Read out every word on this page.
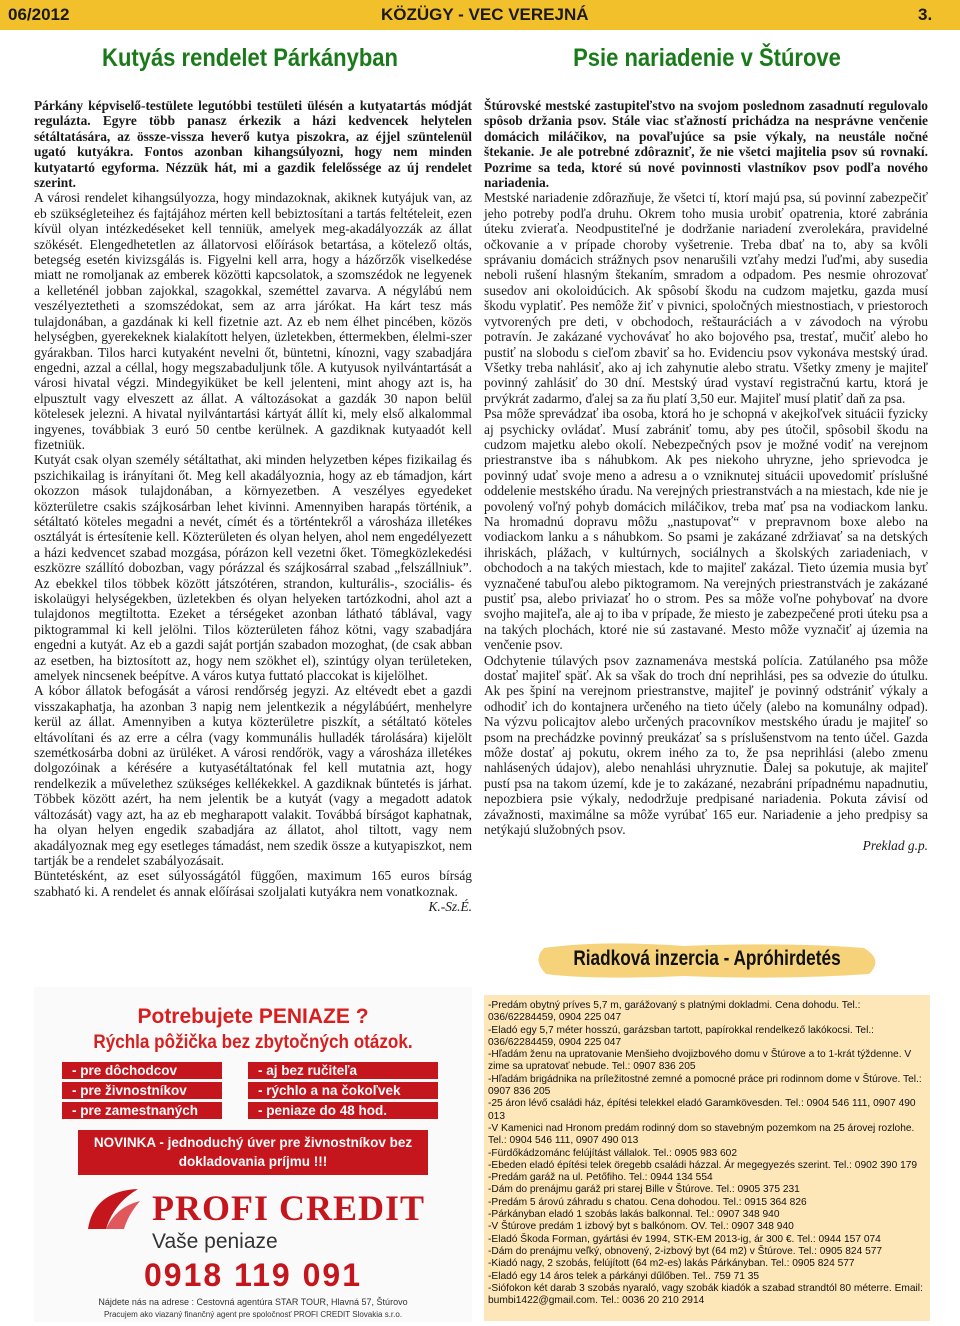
06/2012	KÖZÜGY - VEC VEREJNÁ	3.
Kutyás rendelet Párkányban	Psie nariadenie v Štúrove

Párkány képviselő-testülete legutóbbi testületi ülésén a kutyatartás módját regulázta. Egyre több panasz érkezik a házi kedvencek helytelen sétáltatására, az össze-vissza heverő kutya piszokra, az éjjel szüntelenül ugató kutyákra. Fontos azonban kihangsúlyozni, hogy nem minden kutyatartó egyforma. Nézzük hát, mi a gazdik felelőssége az új rendelet szerint.

A városi rendelet kihangsúlyozza, hogy mindazoknak, akiknek kutyájuk van, az eb szükségleteihez és fajtájához mérten kell bebiztosítani a tartás feltételeit, ezen kívül olyan intézkedéseket kell tenniük, amelyek meg-akadályozzák az állat szökését. Elengedhetetlen az állatorvosi előírások betartása, a kötelező oltás, betegség esetén kivizsgálás is. Figyelni kell arra, hogy a házőrzők viselkedése miatt ne romoljanak az emberek közötti kapcsolatok, a szomszédok ne legyenek a kelleténél jobban zajokkal, szagokkal, szeméttel zavarva. A négylábú nem veszélyeztetheti a szomszédokat, sem az arra járókat. Ha kárt tesz más tulajdonában, a gazdának ki kell fizetnie azt. Az eb nem élhet pincében, közös helységben, gyerekeknek kialakított helyen, üzletekben, éttermekben, élelmi-szer gyárakban. Tilos harci kutyaként nevelni őt, büntetni, kínozni, vagy szabadjára engedni, azzal a céllal, hogy megszabaduljunk tőle. A kutyusok nyilvántartását a városi hivatal végzi. Mindegyiküket be kell jelenteni, mint ahogy azt is, ha elpusztult vagy elveszett az állat. A változásokat a gazdák 30 napon belül kötelesek jelezni. A hivatal nyilvántartási kártyát állít ki, mely első alkalommal ingyenes, továbbiak 3 euró 50 centbe kerülnek. A gazdiknak kutyaadót kell fizetniük.

Kutyát csak olyan személy sétáltathat, aki minden helyzetben képes fizikailag és pszichikailag is irányítani őt. Meg kell akadályoznia, hogy az eb támadjon, kárt okozzon mások tulajdonában, a környezetben. A veszélyes egyedeket közterületre csakis szájkosárban lehet kivinni. Amennyiben harapás történik, a sétáltató köteles megadni a nevét, címét és a történtekről a városháza illetékes osztályát is értesítenie kell. Közterületen és olyan helyen, ahol nem engedélyezett a házi kedvencet szabad mozgása, pórázon kell vezetni őket. Tömegközlekedési eszközre szállító dobozban, vagy pórázzal és szájkosárral szabad „felszállniuk”. Az ebekkel tilos többek között játszótéren, strandon, kulturális-, szociális- és iskolaügyi helységekben, üzletekben és olyan helyeken tartózkodni, ahol azt a tulajdonos megtiltotta. Ezeket a térségeket azonban látható táblával, vagy piktogrammal ki kell jelölni. Tilos közterületen fához kötni, vagy szabadjára engedni a kutyát. Az eb a gazdi saját portján szabadon mozoghat, (de csak abban az esetben, ha biztosított az, hogy nem szökhet el), szintúgy olyan területeken, amelyek nincsenek beépítve. A város kutya futtató placcokat is kijelölhet.

A kóbor állatok befogását a városi rendőrség jegyzi. Az eltévedt ebet a gazdi visszakaphatja, ha azonban 3 napig nem jelentkezik a négylábúért, menhelyre kerül az állat. Amennyiben a kutya közterületre piszkít, a sétáltató köteles eltávolítani és az erre a célra (vagy kommunális hulladék tárolására) kijelölt szemétkosárba dobni az ürüléket. A városi rendőrök, vagy a városháza illetékes dolgozóinak a kérésére a kutyasétáltatónak fel kell mutatnia azt, hogy rendelkezik a művelethez szükséges kellékekkel. A gazdiknak bűntetés is járhat. Többek között azért, ha nem jelentik be a kutyát (vagy a megadott adatok változását) vagy azt, ha az eb megharapott valakit. Továbbá bírságot kaphatnak, ha olyan helyen engedik szabadjára az állatot, ahol tiltott, vagy nem akadályoznak meg egy esetleges támadást, nem szedik össze a kutyapiszkot, nem tartják be a rendelet szabályozásait.

Büntetésként, az eset súlyosságától függően, maximum 165 euros bírság szabható ki. A rendelet és annak előírásai szoljalati kutyákra nem vonatkoznak.

K.-Sz.É.

Štúrovské mestské zastupiteľstvo na svojom poslednom zasadnutí regulovalo spôsob držania psov. Stále viac sťažností prichádza na nesprávne venčenie domácich miláčikov, na povaľujúce sa psie výkaly, na neustále nočné štekanie. Je ale potrebné zdôrazniť, že nie všetci majitelia psov sú rovnakí. Pozrime sa teda, ktoré sú nové povinnosti vlastníkov psov podľa nového nariadenia.

Mestské nariadenie zdôrazňuje, že všetci tí, ktorí majú psa, sú povinní zabezpečiť jeho potreby podľa druhu. Okrem toho musia urobiť opatrenia, ktoré zabránia úteku zvieraťa. Neodpustiteľné je dodržanie nariadení zverolekára, pravidelné očkovanie a v prípade choroby vyšetrenie. Treba dbať na to, aby sa kvôli správaniu domácich strážnych psov nenarušili vzťahy medzi ľuďmi, aby susedia neboli rušení hlasným štekaním, smradom a odpadom. Pes nesmie ohrozovať susedov ani okoloidúcich. Ak spôsobí škodu na cudzom majetku, gazda musí škodu vyplatiť. Pes nemôže žiť v pivnici, spoločných miestnostiach, v priestoroch vytvorených pre deti, v obchodoch, reštauráciách a v závodoch na výrobu potravín. Je zakázané vychovávať ho ako bojového psa, trestať, mučiť alebo ho pustiť na slobodu s cieľom zbaviť sa ho. Evidenciu psov vykonáva mestský úrad. Všetky treba nahlásiť, ako aj ich zahynutie alebo stratu. Všetky zmeny je majiteľ povinný zahlásiť do 30 dní. Mestský úrad vystaví registračnú kartu, ktorá je prvýkrát zadarmo, ďalej sa za ňu platí 3,50 eur. Majiteľ musí platiť daň za psa.

Psa môže sprevádzať iba osoba, ktorá ho je schopná v akejkoľvek situácii fyzicky aj psychicky ovládať. Musí zabrániť tomu, aby pes útočil, spôsobil škodu na cudzom majetku alebo okolí. Nebezpečných psov je možné vodiť na verejnom priestranstve iba s náhubkom. Ak pes niekoho uhryzne, jeho sprievodca je povinný udať svoje meno a adresu a o vzniknutej situácii upovedomiť príslušné oddelenie mestského úradu. Na verejných priestranstvách a na miestach, kde nie je povolený voľný pohyb domácich miláčikov, treba mať psa na vodiackom lanku. Na hromadnú dopravu môžu „nastupovať“ v prepravnom boxe alebo na vodiackom lanku a s náhubkom. So psami je zakázané zdržiavať sa na detských ihriskách, plážach, v kultúrnych, sociálnych a školských zariadeniach, v obchodoch a na takých miestach, kde to majiteľ zakázal. Tieto územia musia byť vyznačené tabuľou alebo piktogramom. Na verejných priestranstvách je zakázané pustiť psa, alebo priviazať ho o strom. Pes sa môže voľne pohybovať na dvore svojho majiteľa, ale aj to iba v prípade, že miesto je zabezpečené proti úteku psa a na takých plochách, ktoré nie sú zastavané. Mesto môže vyznačiť aj územia na venčenie psov.

Odchytenie túlavých psov zaznamenáva mestská polícia. Zatúlaného psa môže dostať majiteľ späť. Ak sa však do troch dní neprihlási, pes sa odvezie do útulku. Ak pes špiní na verejnom priestranstve, majiteľ je povinný odstrániť výkaly a odhodiť ich do kontajnera určeného na tieto účely (alebo na komunálny odpad). Na výzvu policajtov alebo určených pracovníkov mestského úradu je majiteľ so psom na prechádzke povinný preukázať sa s príslušenstvom na tento účel. Gazda môže dostať aj pokutu, okrem iného za to, že psa neprihlási (alebo zmenu nahlásených údajov), alebo nenahlási uhryznutie. Ďalej sa pokutuje, ak majiteľ pustí psa na takom území, kde je to zakázané, nezabráni prípadnému napadnutiu, nepozbiera psie výkaly, nedodržuje predpisané nariadenia. Pokuta závisí od závažnosti, maximálne sa môže vyrúbať 165 eur. Nariadenie a jeho predpisy sa netýkajú služobných psov.

Preklad g.p.

Potrebujete PENIAZE ?
Rýchla pôžička bez zbytočných otázok.
- pre dôchodcov
- pre živnostníkov
- pre zamestnaných
- aj bez ručiteľa
- rýchlo a na čokoľvek
- peniaze do 48 hod.
NOVINKA - jednoduchý úver pre živnostníkov bez dokladovania príjmu !!!
PROFI CREDIT
Vaše peniaze
0918 119 091
Nájdete nás na adrese : Cestovná agentúra STAR TOUR, Hlavná 57, Štúrovo
Pracujem ako viazaný finančný agent pre spoločnosť PROFI CREDIT Slovakia s.r.o.
Riadková inzercia - Apróhirdetés
-Predám obytný príves 5,7 m, garážovaný s platnými dokladmi. Cena dohodu. Tel.: 036/62284459, 0904 225 047
-Eladó egy 5,7 méter hosszú, garázsban tartott, papírokkal rendelkező lakókocsi. Tel.: 036/62284459, 0904 225 047
-Hľadám ženu na upratovanie Menšieho dvojizbového domu v Štúrove a to 1-krát týždenne. V zime sa upratovať nebude. Tel.: 0907 836 205
-Hľadám brigádnika na príležitostné zemné a pomocné práce pri rodinnom dome v Štúrove. Tel.: 0907 836 205
-25 áron lévő családi ház, építési telekkel eladó Garamkövesden. Tel.: 0904 546 111, 0907 490 013
-V Kamenici nad Hronom predám rodinný dom so stavebným pozemkom na 25 árovej rozlohe. Tel.: 0904 546 111, 0907 490 013
-Fürdőkádzománc felújítást vállalok. Tel.: 0905 983 602
-Ebeden eladó építési telek öregebb családi házzal. Ár megegyezés szerint. Tel.: 0902 390 179
-Predám garáž na ul. Petőfiho. Tel.: 0944 134 554
-Dám do prenájmu garáž pri starej Bille v Štúrove. Tel.: 0905 375 231
-Predám 5 árovú záhradu s chatou. Cena dohodou. Tel.: 0915 364 826
-Párkányban eladó 1 szobás lakás balkonnal. Tel.: 0907 348 940
-V Štúrove predám 1 izbový byt s balkónom. OV. Tel.: 0907 348 940
-Eladó Škoda Forman, gyártási év 1994, STK-EM 2013-ig, ár 300 €. Tel.: 0944 157 074
-Dám do prenájmu veľký, obnovený, 2-izbový byt (64 m2) v Štúrove. Tel.: 0905 824 577
-Kiadó nagy, 2 szobás, felújított (64 m2-es) lakás Párkányban. Tel.: 0905 824 577
-Eladó egy 14 áros telek a párkányi dűlőben. Tel.. 759 71 35
-Siófokon két darab 3 szobás nyaraló, vagy szobák kiadók a szabad strandtól 80 méterre. Email: bumbi1422@gmail.com. Tel.: 0036 20 210 2914
